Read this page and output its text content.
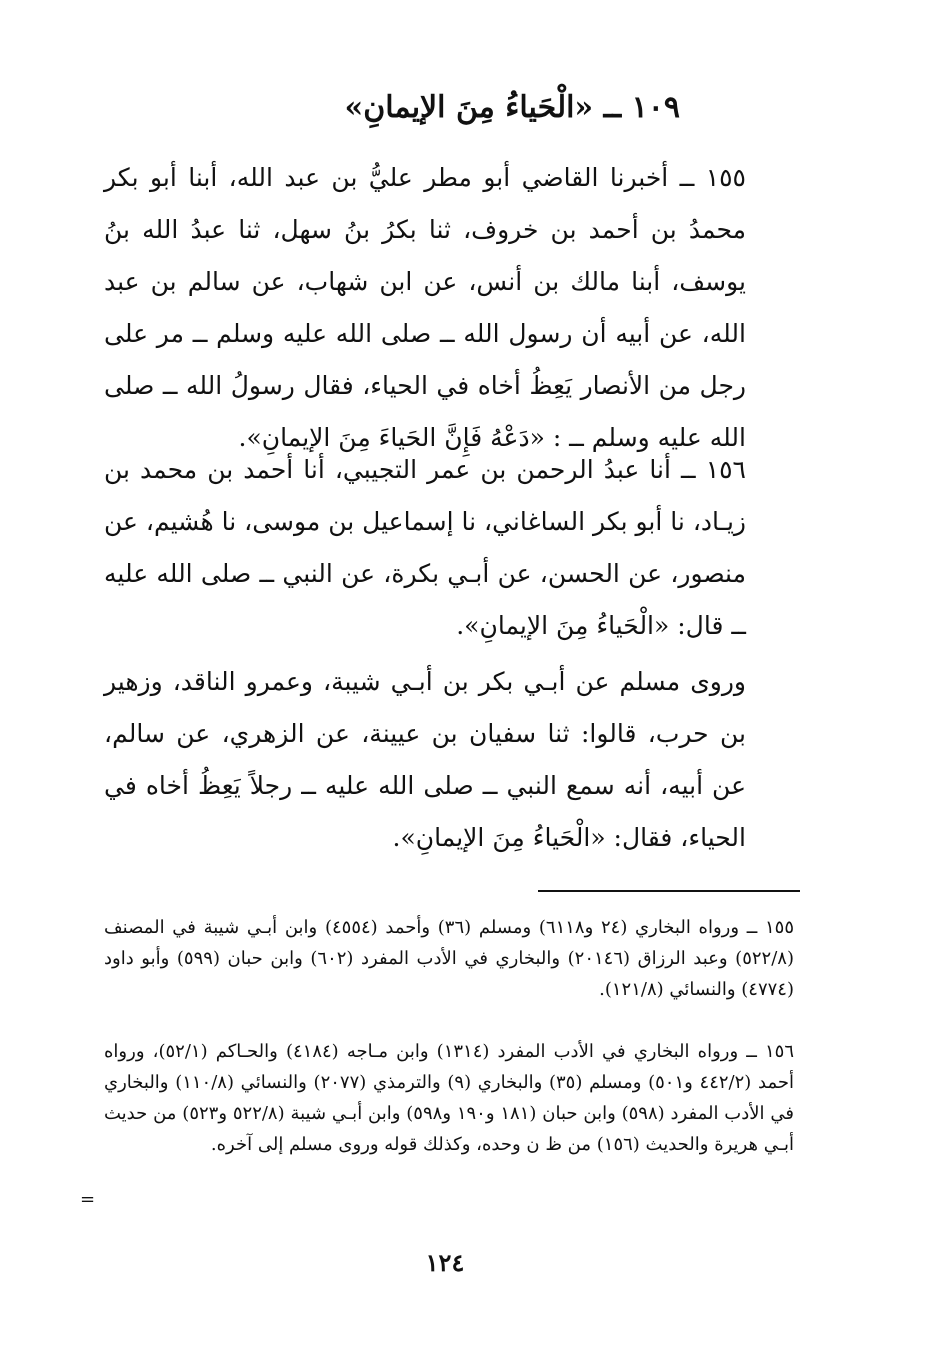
١٠٩ ــ «الْحَياءُ مِنَ الإيمانِ»
١٥٥ ــ أخبرنا القاضي أبو مطر عليُّ بن عبد الله، أبنا أبو بكر محمدُ بن أحمد بن خروف، ثنا بكرُ بنُ سهل، ثنا عبدُ الله بنُ يوسف، أبنا مالك بن أنس، عن ابن شهاب، عن سالم بن عبد الله، عن أبيه أن رسول الله ــ صلى الله عليه وسلم ــ مر على رجل من الأنصار يَعِظُ أخاه في الحياء، فقال رسولُ الله ــ صلى الله عليه وسلم ــ : «دَعْهُ فَإِنَّ الحَياءَ مِنَ الإيمانِ».
١٥٦ ــ أنا عبدُ الرحمن بن عمر التجيبي، أنا أحمد بن محمد بن زيـاد، نا أبو بكر الساغاني، نا إسماعيل بن موسى، نا هُشيم، عن منصور، عن الحسن، عن أبـي بكرة، عن النبي ــ صلى الله عليه ــ قال: «الْحَياءُ مِنَ الإيمانِ».
وروى مسلم عن أبـي بكر بن أبـي شيبة، وعمرو الناقد، وزهير بن حرب، قالوا: ثنا سفيان بن عيينة، عن الزهري، عن سالم، عن أبيه، أنه سمع النبي ــ صلى الله عليه ــ رجلاً يَعِظُ أخاه في الحياء، فقال: «الْحَياءُ مِنَ الإيمانِ».
١٥٥ ــ ورواه البخاري (٢٤ و٦١١٨) ومسلم (٣٦) وأحمد (٤٥٥٤) وابن أبـي شيبة في المصنف (٥٢٢/٨) وعبد الرزاق (٢٠١٤٦) والبخاري في الأدب المفرد (٦٠٢) وابن حبان (٥٩٩) وأبو داود (٤٧٧٤) والنسائي (١٢١/٨).
١٥٦ ــ ورواه البخاري في الأدب المفرد (١٣١٤) وابن مـاجه (٤١٨٤) والحـاكم (٥٢/١)، ورواه أحمد (٤٤٢/٢ و٥٠١) ومسلم (٣٥) والبخاري (٩) والترمذي (٢٠٧٧) والنسائي (١١٠/٨) والبخاري في الأدب المفرد (٥٩٨) وابن حبان (١٨١ و١٩٠ و٥٩٨) وابن أبـي شيبة (٥٢٢/٨ و٥٢٣) من حديث أبـي هريرة والحديث (١٥٦) من ظ ن وحده، وكذلك قوله وروى مسلم إلى آخره.
=
١٢٤
